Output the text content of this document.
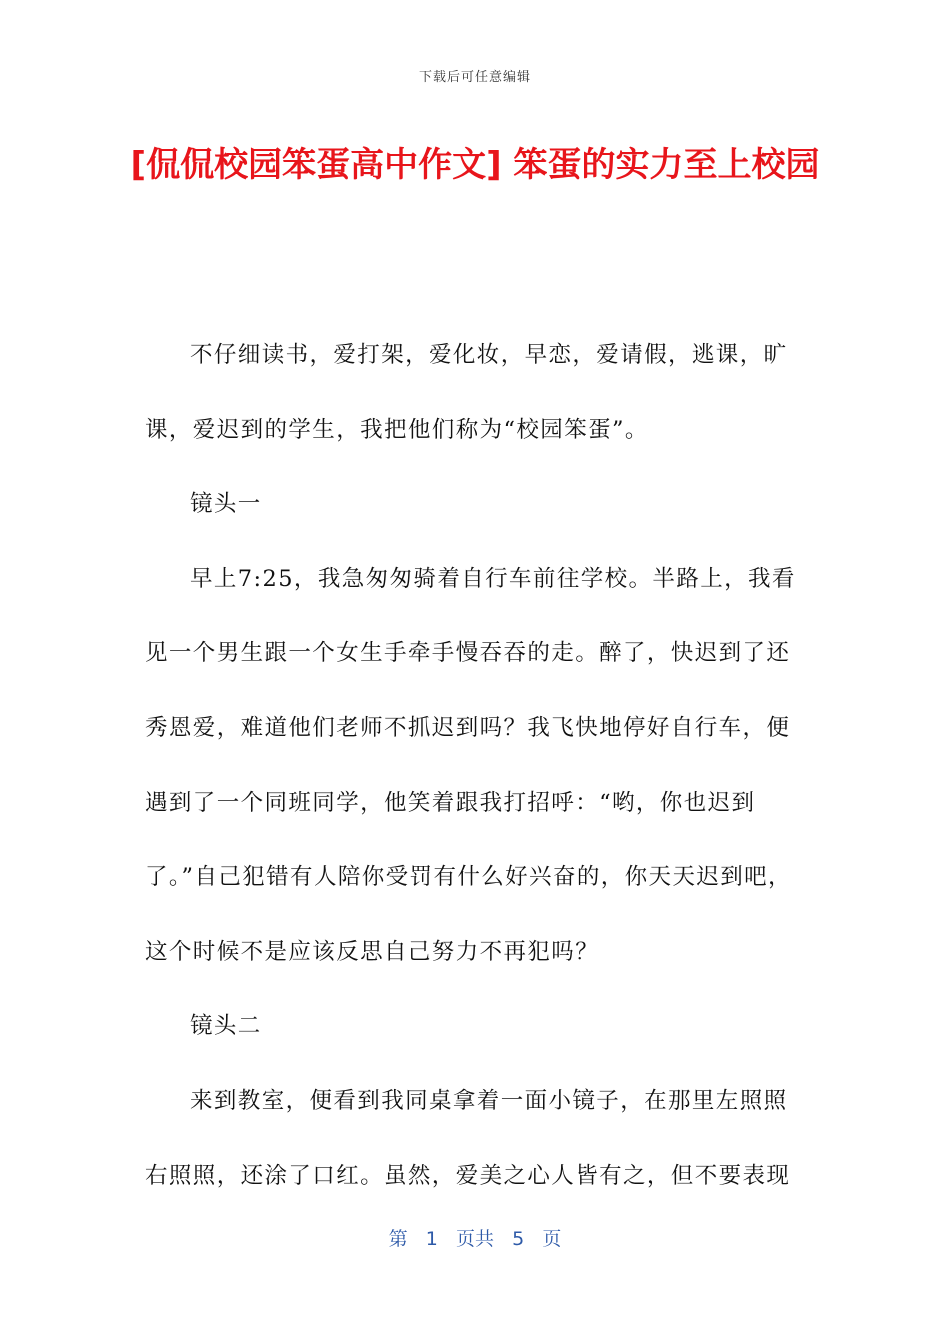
下载后可任意编辑
[侃侃校园笨蛋高中作文] 笨蛋的实力至上校园

不仔细读书，爱打架，爱化妆，早恋，爱请假，逃课，旷课，爱迟到的学生，我把他们称为“校园笨蛋”。

镜头一

早上7:25，我急匆匆骑着自行车前往学校。半路上，我看见一个男生跟一个女生手牵手慢吞吞的走。醉了，快迟到了还秀恩爱，难道他们老师不抓迟到吗？我飞快地停好自行车，便遇到了一个同班同学，他笑着跟我打招呼：“哟，你也迟到了。”自己犯错有人陪你受罚有什么好兴奋的，你天天迟到吧，这个时候不是应该反思自己努力不再犯吗？

镜头二

来到教室，便看到我同桌拿着一面小镜子，在那里左照照右照照，还涂了口红。虽然，爱美之心人皆有之，但不要表现

第 1 页共 5 页
